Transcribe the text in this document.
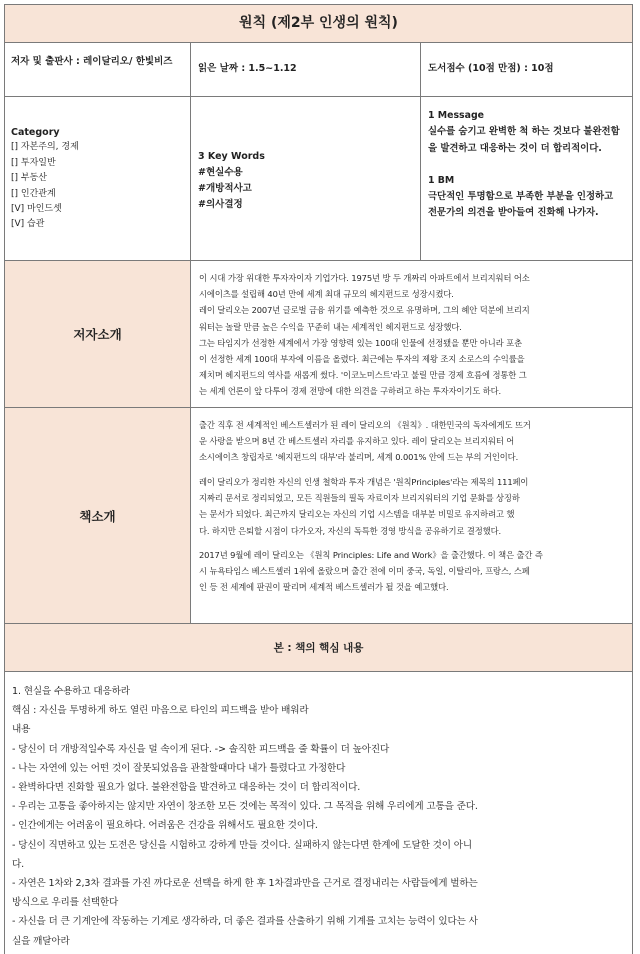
원칙 (제2부 인생의 원칙)
저자 및 출판사 : 레이달리오/ 한빛비즈
읽은 날짜 : 1.5~1.12	도서점수 (10점 만점) : 10점
Category
[] 자본주의, 경제
[] 투자일반
[] 부동산
[] 인간관계
[V] 마인드셋
[V] 습관
3 Key Words
#현실수용
#개방적사고
#의사결정
1 Message
실수를 숨기고 완벽한 척 하는 것보다 불완전함을 발견하고 대응하는 것이 더 합리적이다.
1 BM
극단적인 투명함으로 부족한 부분을 인정하고 전문가의 의견을 받아들여 진화해 나가자.
저자소개
이 시대 가장 위대한 투자자이자 기업가다. 1975년 방 두 개짜리 아파트에서 브리지워터 어소
시에이츠를 설립해 40년 만에 세계 최대 규모의 헤지펀드로 성장시켰다.
레이 달리오는 2007년 글로벌 금융 위기를 예측한 것으로 유명하며, 그의 혜안 덕분에 브리지
워터는 놀랄 만큼 높은 수익을 꾸준히 내는 세계적인 헤지펀드로 성장했다.
그는 타임지가 선정한 세계에서 가장 영향력 있는 100대 인물에 선정됐을 뿐만 아니라 포춘
이 선정한 세계 100대 부자에 이름을 올렸다. 최근에는 투자의 제왕 조지 소로스의 수익률을
제치며 헤지펀드의 역사를 새롭게 썼다. '이코노미스트'라고 불릴 만큼 경제 흐름에 정통한 그
는 세계 언론이 앞 다투어 경제 전망에 대한 의견을 구하려고 하는 투자자이기도 하다.
책소개
출간 직후 전 세계적인 베스트셀러가 된 레이 달리오의 《원칙》. 대한민국의 독자에게도 뜨거
운 사랑을 받으며 8년 간 베스트셀러 자리를 유지하고 있다. 레이 달리오는 브리지워터 어
소시에이츠 창립자로 '헤지펀드의 대부'라 불리며, 세계 0.001% 안에 드는 부의 거인이다.
레이 달리오가 정리한 자신의 인생 철학과 투자 개념은 '원칙Principles'라는 제목의 111페이
지짜리 문서로 정리되었고, 모든 직원들의 필독 자료이자 브리지워터의 기업 문화를 상징하
는 문서가 되었다. 최근까지 달리오는 자신의 기업 시스템을 대부분 비밀로 유지하려고 했
다. 하지만 은퇴할 시점이 다가오자, 자신의 독특한 경영 방식을 공유하기로 결정했다.
2017년 9월에 레이 달리오는 《원칙 Principles: Life and Work》을 출간했다. 이 책은 출간 즉
시 뉴욕타임스 베스트셀러 1위에 올랐으며 출간 전에 이미 중국, 독일, 이탈리아, 프랑스, 스페
인 등 전 세계에 판권이 팔리며 세계적 베스트셀러가 될 것을 예고했다.
본 : 책의 핵심 내용
1. 현실을 수용하고 대응하라
핵심 : 자신을 투명하게 하도 열린 마음으로 타인의 피드백을 받아 배워라
내용
- 당신이 더 개방적일수록 자신을 덜 속이게 된다. -> 솔직한 피드백을 줄 확률이 더 높아진다
- 나는 자연에 있는 어떤 것이 잘못되었음을 관찰할때마다 내가 틀렸다고 가정한다
- 완벽하다면 진화할 필요가 없다. 불완전함을 발견하고 대응하는 것이 더 합리적이다.
- 우리는 고통을 좋아하지는 않지만 자연이 창조한 모든 것에는 목적이 있다. 그 목적을 위해 우리에게 고통을 준다.
- 인간에게는 어려움이 필요하다. 어려움은 건강을 위해서도 필요한 것이다.
- 당신이 직면하고 있는 도전은 당신을 시험하고 강하게 만들 것이다. 실패하지 않는다면 한계에 도달한 것이 아니
다.
- 자연은 1차와 2,3차 결과를 가진 까다로운 선택을 하게 한 후 1차결과만을 근거로 결정내리는 사람들에게 벌하는
방식으로 우리를 선택한다
- 자신을 더 큰 기계안에 작동하는 기계로 생각하라, 더 좋은 결과를 산출하기 위해 기계를 고치는 능력이 있다는 사
실을 깨달아라
